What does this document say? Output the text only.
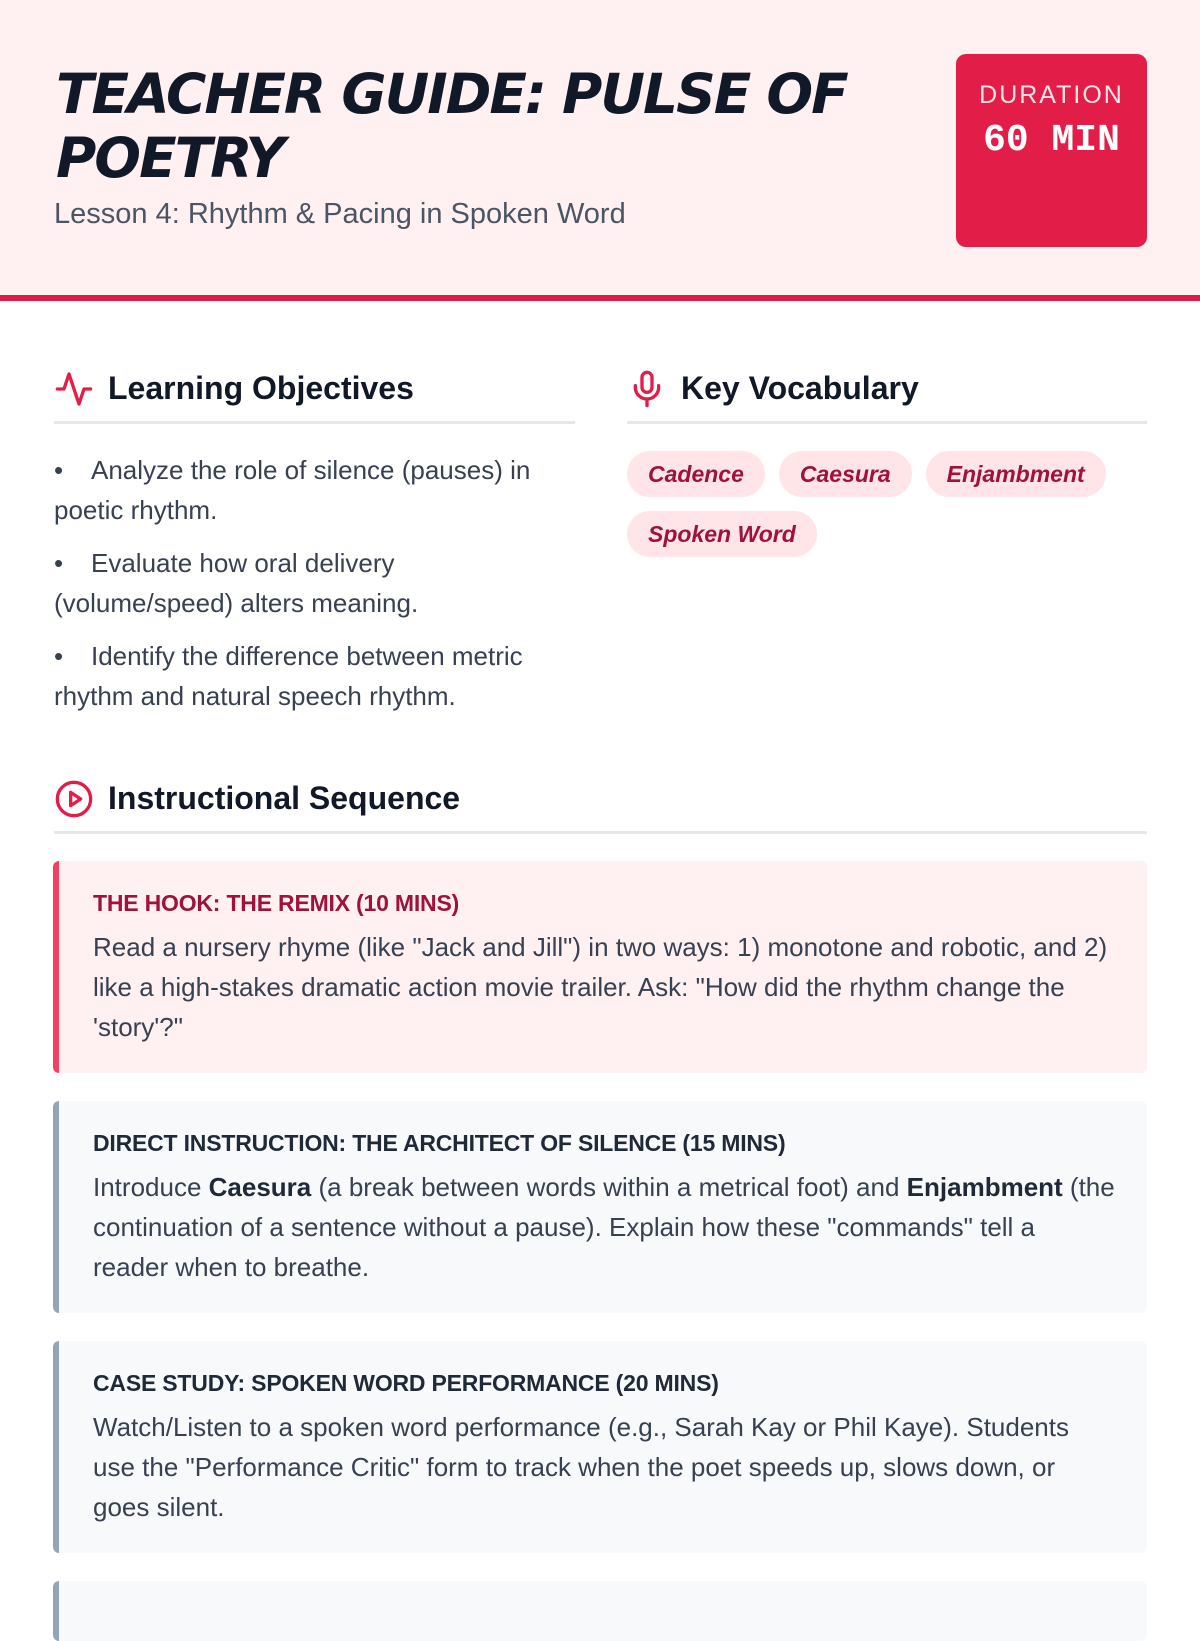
TEACHER GUIDE: PULSE OF POETRY
Lesson 4: Rhythm & Pacing in Spoken Word
DURATION
60 MIN
Learning Objectives
• Analyze the role of silence (pauses) in poetic rhythm.
• Evaluate how oral delivery (volume/speed) alters meaning.
• Identify the difference between metric rhythm and natural speech rhythm.
Key Vocabulary
Cadence	Caesura	Enjambment
Spoken Word
Instructional Sequence
THE HOOK: THE REMIX (10 MINS)
Read a nursery rhyme (like "Jack and Jill") in two ways: 1) monotone and robotic, and 2) like a high-stakes dramatic action movie trailer. Ask: "How did the rhythm change the 'story'?"
DIRECT INSTRUCTION: THE ARCHITECT OF SILENCE (15 MINS)
Introduce Caesura (a break between words within a metrical foot) and Enjambment (the continuation of a sentence without a pause). Explain how these "commands" tell a reader when to breathe.
CASE STUDY: SPOKEN WORD PERFORMANCE (20 MINS)
Watch/Listen to a spoken word performance (e.g., Sarah Kay or Phil Kaye). Students use the "Performance Critic" form to track when the poet speeds up, slows down, or goes silent.
